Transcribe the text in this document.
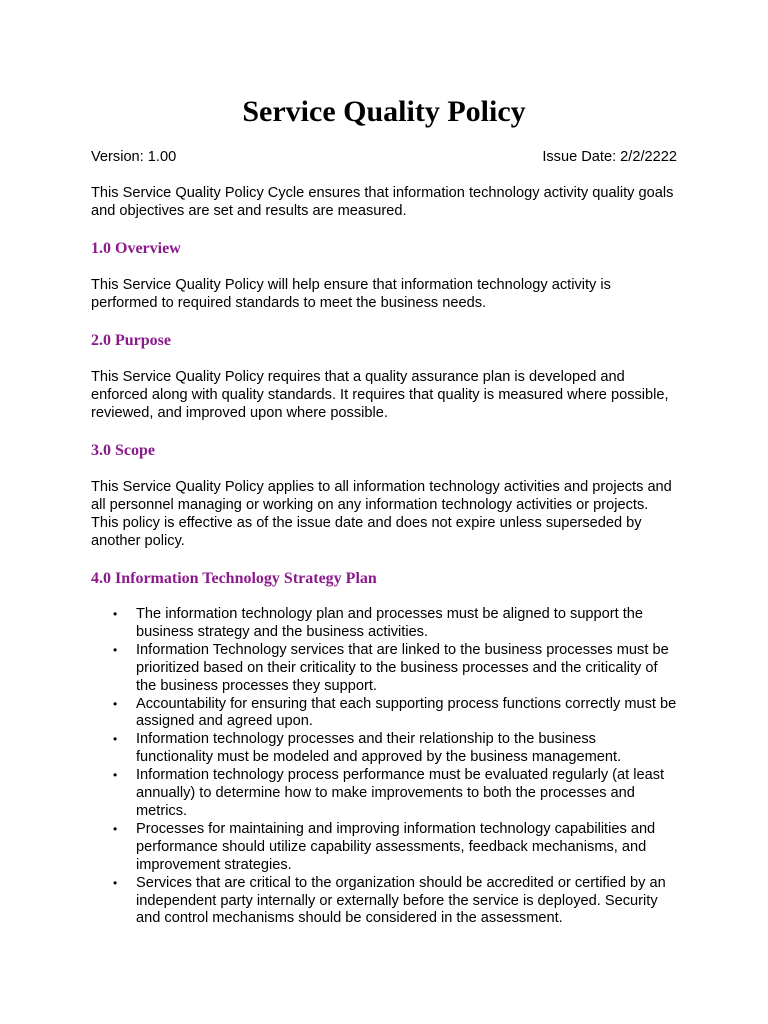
Service Quality Policy
Version: 1.00	Issue Date: 2/2/2222

This Service Quality Policy Cycle ensures that information technology activity quality goals and objectives are set and results are measured.

1.0 Overview

This Service Quality Policy will help ensure that information technology activity is performed to required standards to meet the business needs.

2.0 Purpose

This Service Quality Policy requires that a quality assurance plan is developed and enforced along with quality standards. It requires that quality is measured where possible, reviewed, and improved upon where possible.

3.0 Scope

This Service Quality Policy applies to all information technology activities and projects and all personnel managing or working on any information technology activities or projects. This policy is effective as of the issue date and does not expire unless superseded by another policy.

4.0 Information Technology Strategy Plan
• The information technology plan and processes must be aligned to support the business strategy and the business activities.
• Information Technology services that are linked to the business processes must be prioritized based on their criticality to the business processes and the criticality of the business processes they support.
• Accountability for ensuring that each supporting process functions correctly must be assigned and agreed upon.
• Information technology processes and their relationship to the business functionality must be modeled and approved by the business management.
• Information technology process performance must be evaluated regularly (at least annually) to determine how to make improvements to both the processes and metrics.
• Processes for maintaining and improving information technology capabilities and performance should utilize capability assessments, feedback mechanisms, and improvement strategies.
• Services that are critical to the organization should be accredited or certified by an independent party internally or externally before the service is deployed. Security and control mechanisms should be considered in the assessment.
